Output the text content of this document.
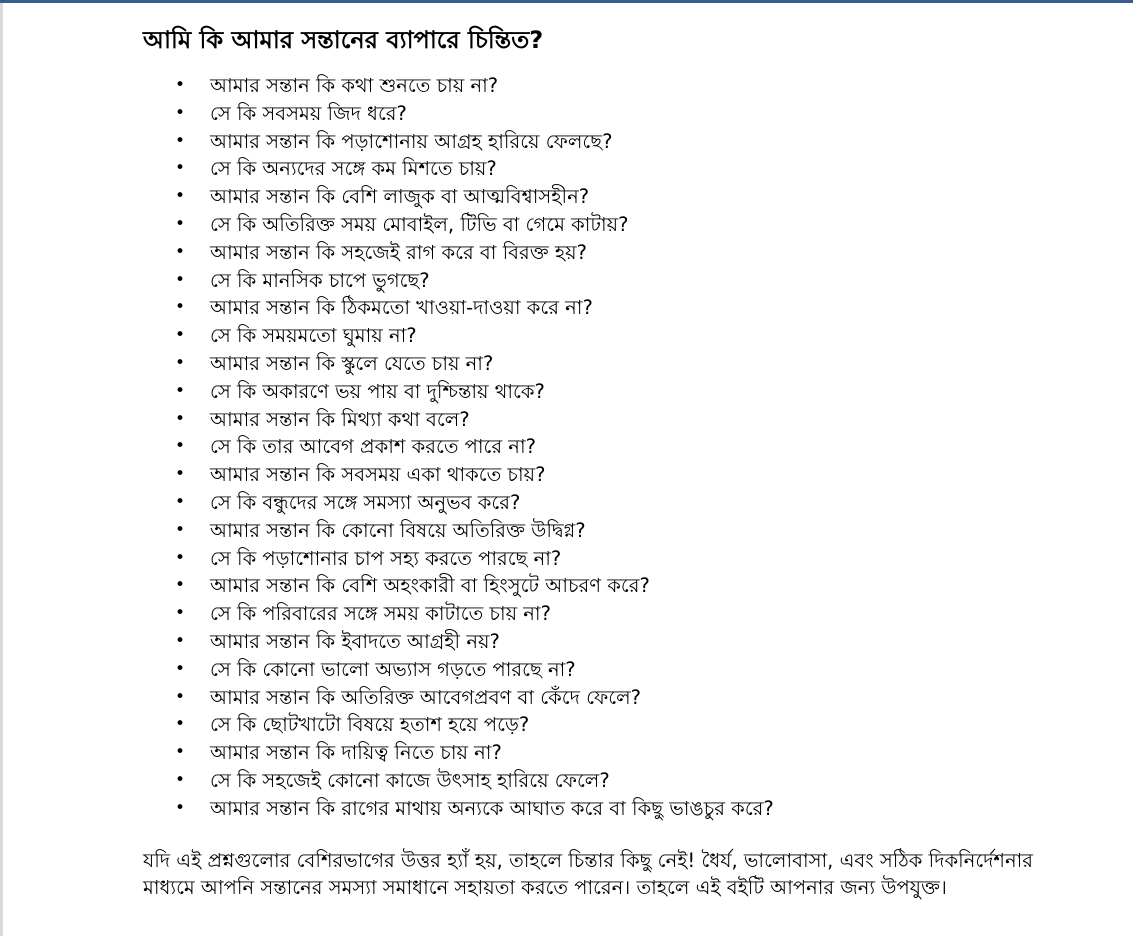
আমি কি আমার সন্তানের ব্যাপারে চিন্তিত?
• আমার সন্তান কি কথা শুনতে চায় না?
• সে কি সবসময় জিদ ধরে?
• আমার সন্তান কি পড়াশোনায় আগ্রহ হারিয়ে ফেলছে?
• সে কি অন্যদের সঙ্গে কম মিশতে চায়?
• আমার সন্তান কি বেশি লাজুক বা আত্মবিশ্বাসহীন?
• সে কি অতিরিক্ত সময় মোবাইল, টিভি বা গেমে কাটায়?
• আমার সন্তান কি সহজেই রাগ করে বা বিরক্ত হয়?
• সে কি মানসিক চাপে ভুগছে?
• আমার সন্তান কি ঠিকমতো খাওয়া-দাওয়া করে না?
• সে কি সময়মতো ঘুমায় না?
• আমার সন্তান কি স্কুলে যেতে চায় না?
• সে কি অকারণে ভয় পায় বা দুশ্চিন্তায় থাকে?
• আমার সন্তান কি মিথ্যা কথা বলে?
• সে কি তার আবেগ প্রকাশ করতে পারে না?
• আমার সন্তান কি সবসময় একা থাকতে চায়?
• সে কি বন্ধুদের সঙ্গে সমস্যা অনুভব করে?
• আমার সন্তান কি কোনো বিষয়ে অতিরিক্ত উদ্বিগ্ন?
• সে কি পড়াশোনার চাপ সহ্য করতে পারছে না?
• আমার সন্তান কি বেশি অহংকারী বা হিংসুটে আচরণ করে?
• সে কি পরিবারের সঙ্গে সময় কাটাতে চায় না?
• আমার সন্তান কি ইবাদতে আগ্রহী নয়?
• সে কি কোনো ভালো অভ্যাস গড়তে পারছে না?
• আমার সন্তান কি অতিরিক্ত আবেগপ্রবণ বা কেঁদে ফেলে?
• সে কি ছোটখাটো বিষয়ে হতাশ হয়ে পড়ে?
• আমার সন্তান কি দায়িত্ব নিতে চায় না?
• সে কি সহজেই কোনো কাজে উৎসাহ হারিয়ে ফেলে?
• আমার সন্তান কি রাগের মাথায় অন্যকে আঘাত করে বা কিছু ভাঙচুর করে?

যদি এই প্রশ্নগুলোর বেশিরভাগের উত্তর হ্যাঁ হয়, তাহলে চিন্তার কিছু নেই! ধৈর্য, ভালোবাসা, এবং সঠিক দিকনির্দেশনার মাধ্যমে আপনি সন্তানের সমস্যা সমাধানে সহায়তা করতে পারেন। তাহলে এই বইটি আপনার জন্য উপযুক্ত।
